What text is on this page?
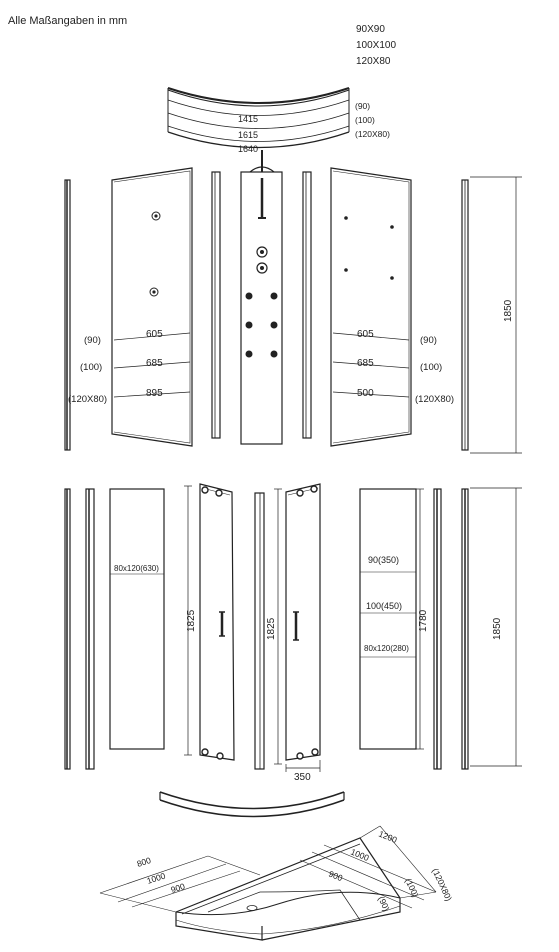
Alle Maßangaben in mm
90X90
100X100
120X80
1415
1615
1640
(90)
(100)
(120X80)
605
685
895
(90)
(100)
(120X80)
605
685
500
(90)
(100)
(120X80)
1850
80x120(630)
1825	1825
350
90(350)
100(450)
80x120(280)
1780	1850
800
1000
900
1200
1000
900	(120X80)
(100)
(90)
